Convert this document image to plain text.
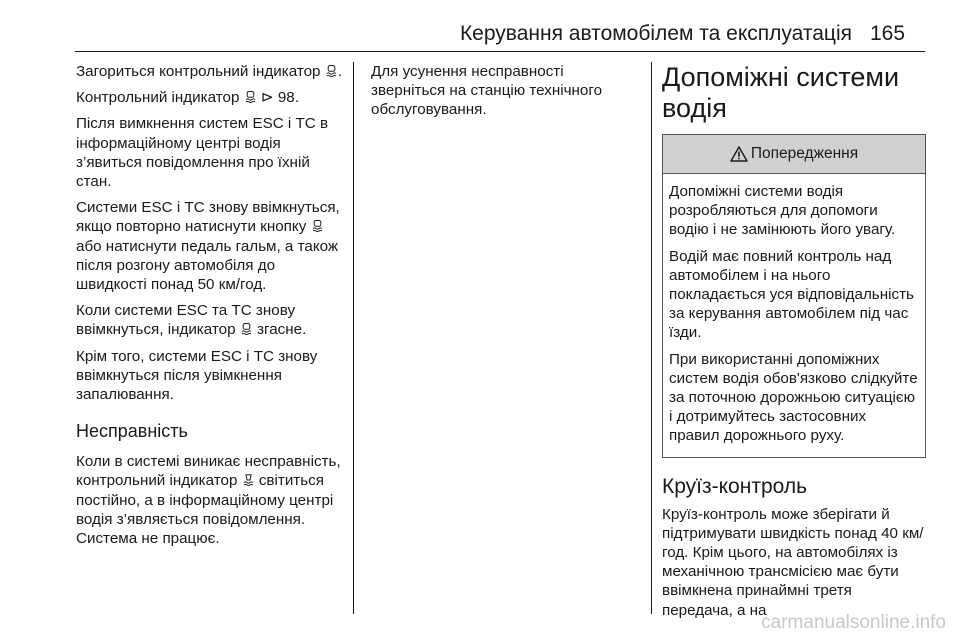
Керування автомобілем та експлуатація 165

Загориться контрольний індикатор
.

Контрольний індикатор
⊳ 98.

Після вимкнення систем ESC і TC в інформаційному центрі водія з’явиться повідомлення про їхній стан.

Системи ESC і TC знову ввімкнуться, якщо повторно натиснути кнопку
або натиснути педаль гальм, а також після розгону автомобіля до швидкості понад 50 км/год.

Коли системи ESC та TC знову ввімкнуться, індикатор
згасне.

Крім того, системи ESC і TC знову ввімкнуться після увімкнення запалювання.

Несправність

Коли в системі виникає несправність, контрольний індикатор
світиться постійно, а в інформаційному центрі водія з’являється повідомлення. Система не працює.

Для усунення несправності зверніться на станцію технічного обслуговування.

Допоміжні системи водія
Попередження

Допоміжні системи водія розробляються для допомоги водію і не замінюють його увагу.

Водій має повний контроль над автомобілем і на нього покладається уся відповідальність за керування автомобілем під час їзди.

При використанні допоміжних систем водія обов'язково слідкуйте за поточною дорожньою ситуацією і дотримуйтесь застосовних правил дорожнього руху.

Круїз-контроль

Круїз-контроль може зберігати й підтримувати швидкість понад 40 км/год. Крім цього, на автомобілях із механічною трансмісією має бути ввімкнена принаймні третя передача, а на

carmanualsonline.info
